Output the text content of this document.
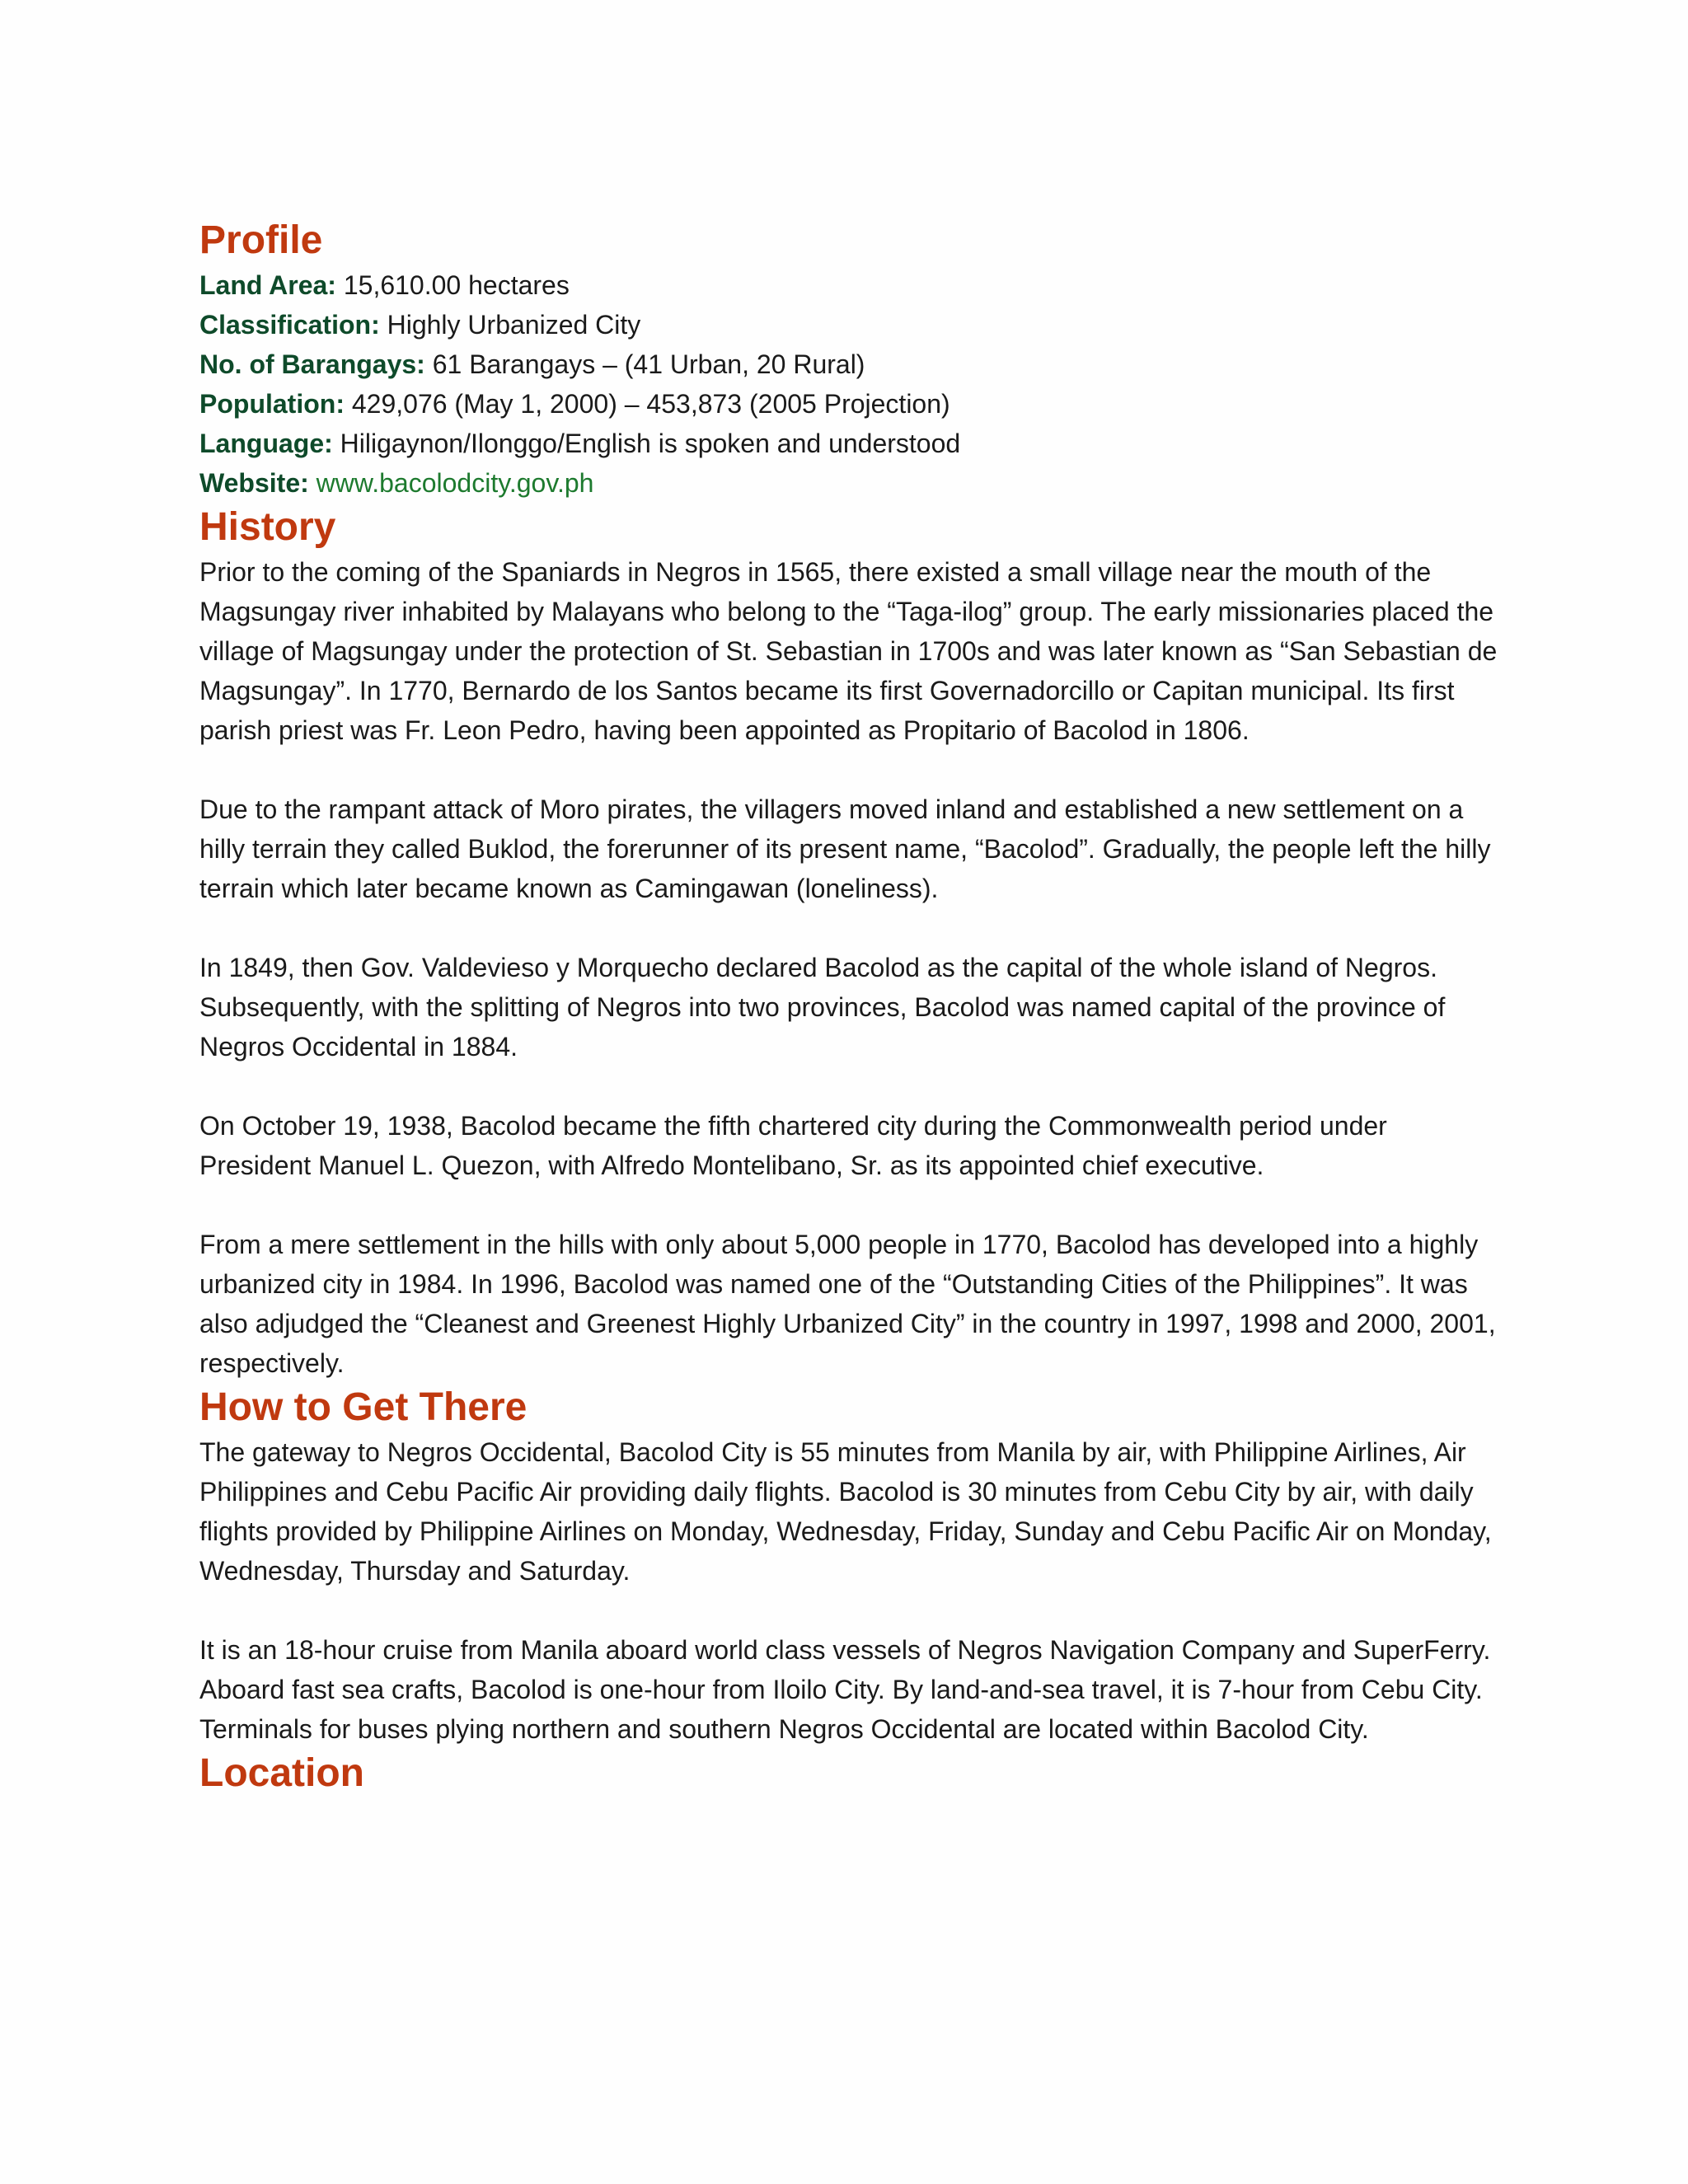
Profile
Land Area: 15,610.00 hectares
Classification: Highly Urbanized City
No. of Barangays: 61 Barangays – (41 Urban, 20 Rural)
Population: 429,076 (May 1, 2000) – 453,873 (2005 Projection)
Language: Hiligaynon/Ilonggo/English is spoken and understood
Website: www.bacolodcity.gov.ph
History

Prior to the coming of the Spaniards in Negros in 1565, there existed a small village near the mouth of the Magsungay river inhabited by Malayans who belong to the “Taga-ilog” group. The early missionaries placed the village of Magsungay under the protection of St. Sebastian in 1700s and was later known as “San Sebastian de Magsungay”. In 1770, Bernardo de los Santos became its first Governadorcillo or Capitan municipal. Its first parish priest was Fr. Leon Pedro, having been appointed as Propitario of Bacolod in 1806.

Due to the rampant attack of Moro pirates, the villagers moved inland and established a new settlement on a hilly terrain they called Buklod, the forerunner of its present name, “Bacolod”. Gradually, the people left the hilly terrain which later became known as Camingawan (loneliness).

In 1849, then Gov. Valdevieso y Morquecho declared Bacolod as the capital of the whole island of Negros. Subsequently, with the splitting of Negros into two provinces, Bacolod was named capital of the province of Negros Occidental in 1884.

On October 19, 1938, Bacolod became the fifth chartered city during the Commonwealth period under President Manuel L. Quezon, with Alfredo Montelibano, Sr. as its appointed chief executive.

From a mere settlement in the hills with only about 5,000 people in 1770, Bacolod has developed into a highly urbanized city in 1984. In 1996, Bacolod was named one of the “Outstanding Cities of the Philippines”. It was also adjudged the “Cleanest and Greenest Highly Urbanized City” in the country in 1997, 1998 and 2000, 2001, respectively.

How to Get There

The gateway to Negros Occidental, Bacolod City is 55 minutes from Manila by air, with Philippine Airlines, Air Philippines and Cebu Pacific Air providing daily flights. Bacolod is 30 minutes from Cebu City by air, with daily flights provided by Philippine Airlines on Monday, Wednesday, Friday, Sunday and Cebu Pacific Air on Monday, Wednesday, Thursday and Saturday.

It is an 18-hour cruise from Manila aboard world class vessels of Negros Navigation Company and SuperFerry. Aboard fast sea crafts, Bacolod is one-hour from Iloilo City. By land-and-sea travel, it is 7-hour from Cebu City. Terminals for buses plying northern and southern Negros Occidental are located within Bacolod City.

Location
